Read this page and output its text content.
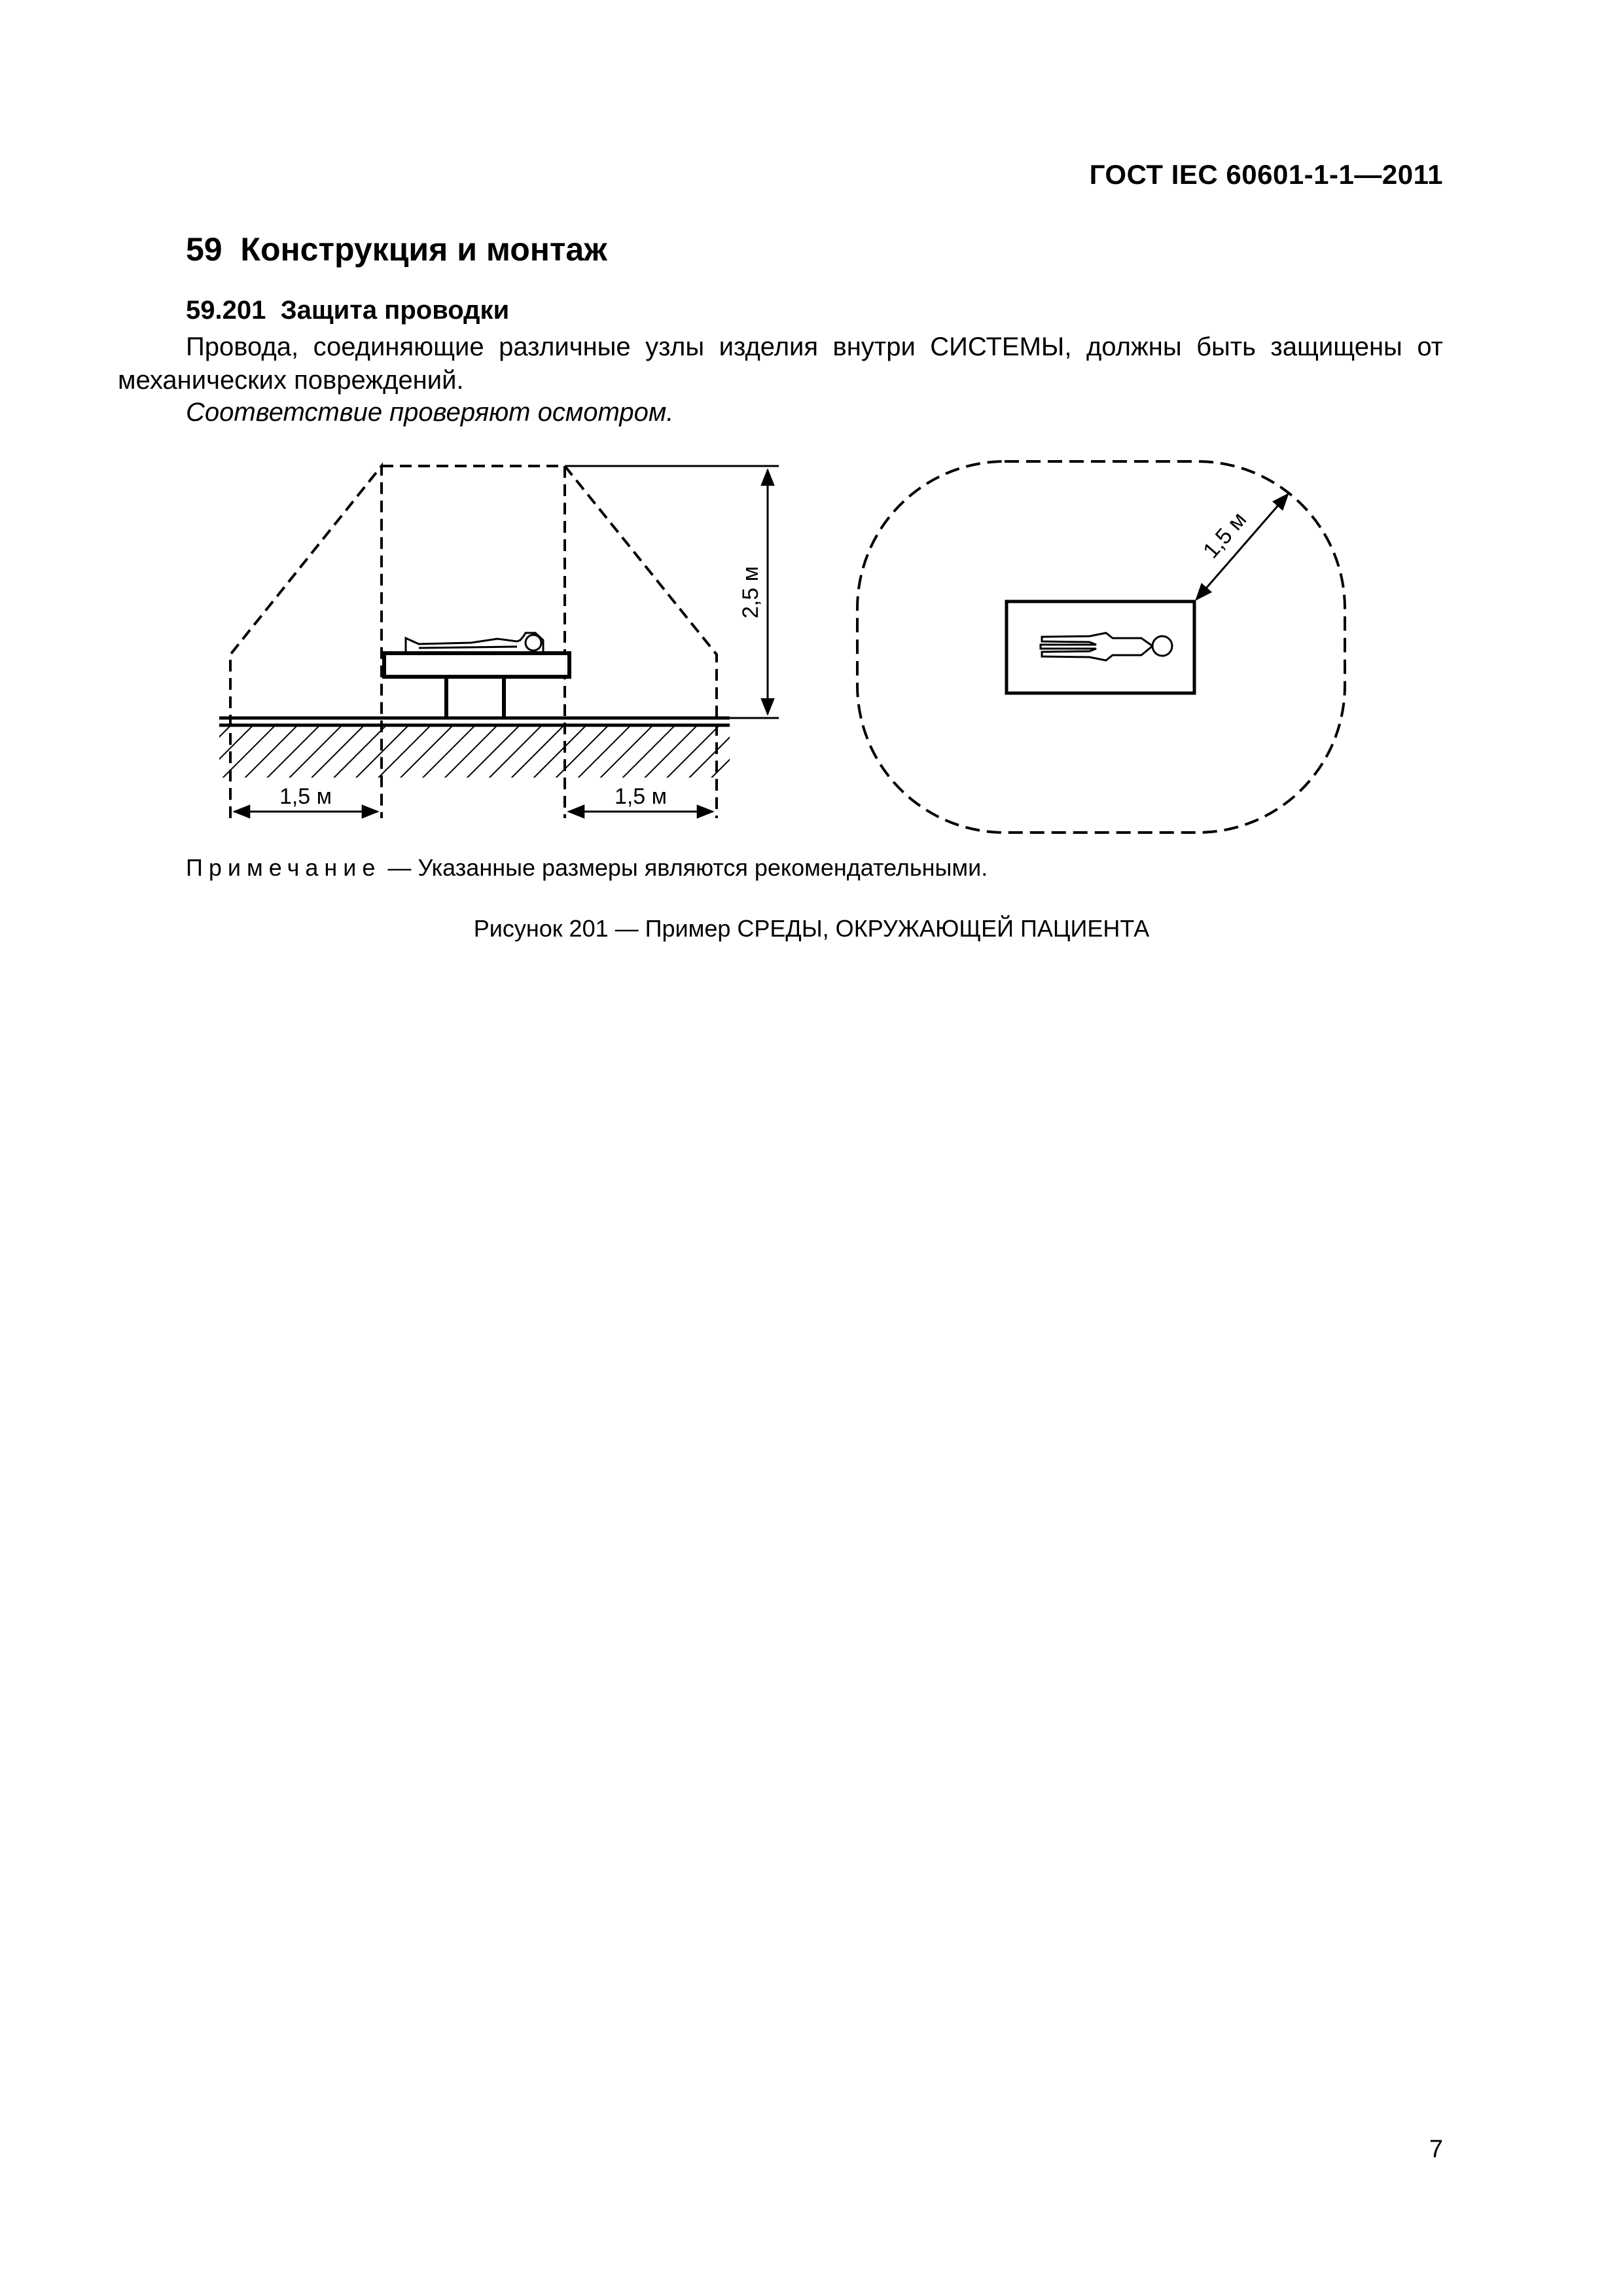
ГОСТ IEC 60601-1-1—2011
59 Конструкция и монтаж
59.201 Защита проводки
Провода, соединяющие различные узлы изделия внутри СИСТЕМЫ, должны быть защищены от механических повреждений.
Соответствие проверяют осмотром.
2,5 м
1,5 м	1,5 м
1,5 м
Примечание — Указанные размеры являются рекомендательными.
Рисунок 201 — Пример СРЕДЫ, ОКРУЖАЮЩЕЙ ПАЦИЕНТА
7
